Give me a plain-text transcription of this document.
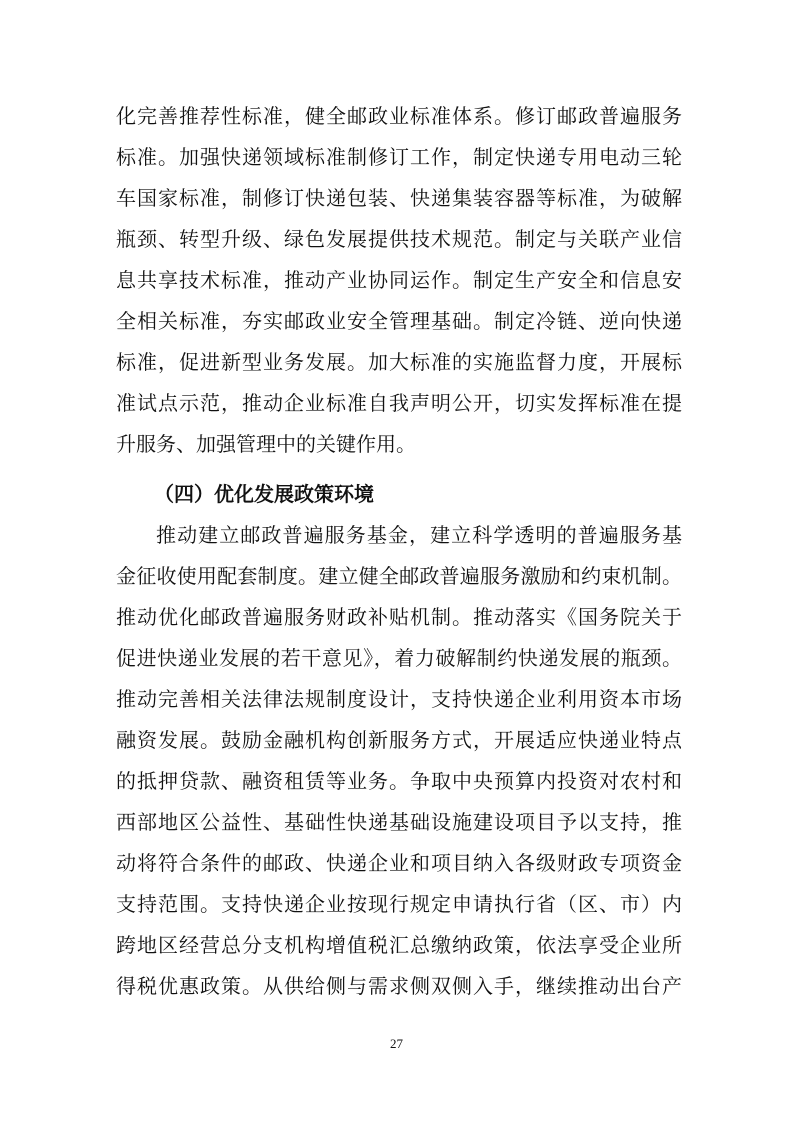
化完善推荐性标准，健全邮政业标准体系。修订邮政普遍服务
标准。加强快递领域标准制修订工作，制定快递专用电动三轮
车国家标准，制修订快递包装、快递集装容器等标准，为破解
瓶颈、转型升级、绿色发展提供技术规范。制定与关联产业信
息共享技术标准，推动产业协同运作。制定生产安全和信息安
全相关标准，夯实邮政业安全管理基础。制定冷链、逆向快递
标准，促进新型业务发展。加大标准的实施监督力度，开展标
准试点示范，推动企业标准自我声明公开，切实发挥标准在提
升服务、加强管理中的关键作用。
（四）优化发展政策环境
推动建立邮政普遍服务基金，建立科学透明的普遍服务基
金征收使用配套制度。建立健全邮政普遍服务激励和约束机制。
推动优化邮政普遍服务财政补贴机制。推动落实《国务院关于
促进快递业发展的若干意见》，着力破解制约快递发展的瓶颈。
推动完善相关法律法规制度设计，支持快递企业利用资本市场
融资发展。鼓励金融机构创新服务方式，开展适应快递业特点
的抵押贷款、融资租赁等业务。争取中央预算内投资对农村和
西部地区公益性、基础性快递基础设施建设项目予以支持，推
动将符合条件的邮政、快递企业和项目纳入各级财政专项资金
支持范围。支持快递企业按现行规定申请执行省（区、市）内
跨地区经营总分支机构增值税汇总缴纳政策，依法享受企业所
得税优惠政策。从供给侧与需求侧双侧入手，继续推动出台产
27
